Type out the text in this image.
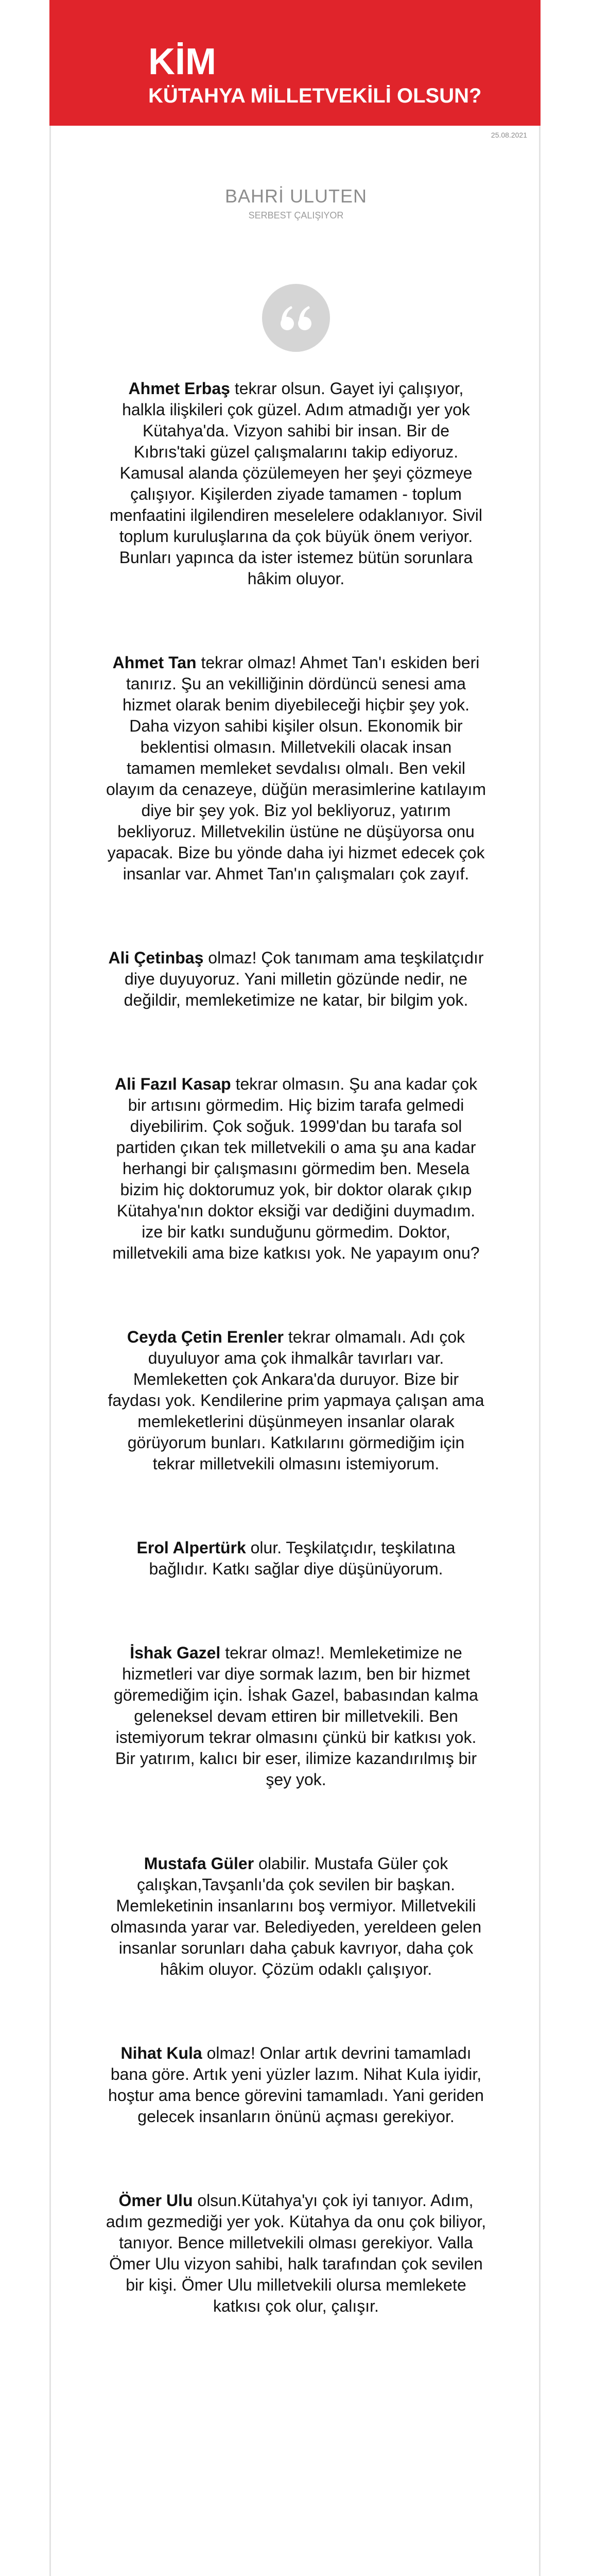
KİM
KÜTAHYA MİLLETVEKİLİ OLSUN?
25.08.2021
BAHRİ ULUTEN
SERBEST ÇALIŞIYOR

Ahmet Erbaş tekrar olsun. Gayet iyi çalışıyor, halkla ilişkileri çok güzel. Adım atmadığı yer yok Kütahya'da. Vizyon sahibi bir insan. Bir de Kıbrıs'taki güzel çalışmalarını takip ediyoruz. Kamusal alanda çözülemeyen her şeyi çözmeye çalışıyor. Kişilerden ziyade tamamen - toplum menfaatini ilgilendiren meselelere odaklanıyor. Sivil toplum kuruluşlarına da çok büyük önem veriyor. Bunları yapınca da ister istemez bütün sorunlara hâkim oluyor.

Ahmet Tan tekrar olmaz! Ahmet Tan'ı eskiden beri tanırız. Şu an vekilliğinin dördüncü senesi ama hizmet olarak benim diyebileceği hiçbir şey yok. Daha vizyon sahibi kişiler olsun. Ekonomik bir beklentisi olmasın. Milletvekili olacak insan tamamen memleket sevdalısı olmalı. Ben vekil olayım da cenazeye, düğün merasimlerine katılayım diye bir şey yok. Biz yol bekliyoruz, yatırım bekliyoruz. Milletvekilin üstüne ne düşüyorsa onu yapacak. Bize bu yönde daha iyi hizmet edecek çok insanlar var. Ahmet Tan'ın çalışmaları çok zayıf.

Ali Çetinbaş olmaz! Çok tanımam ama teşkilatçıdır diye duyuyoruz. Yani milletin gözünde nedir, ne değildir, memleketimize ne katar, bir bilgim yok.

Ali Fazıl Kasap tekrar olmasın. Şu ana kadar çok bir artısını görmedim. Hiç bizim tarafa gelmedi diyebilirim. Çok soğuk. 1999'dan bu tarafa sol partiden çıkan tek milletvekili o ama şu ana kadar herhangi bir çalışmasını görmedim ben. Mesela bizim hiç doktorumuz yok, bir doktor olarak çıkıp Kütahya'nın doktor eksiği var dediğini duymadım. ize bir katkı sunduğunu görmedim. Doktor, milletvekili ama bize katkısı yok. Ne yapayım onu?

Ceyda Çetin Erenler tekrar olmamalı. Adı çok duyuluyor ama çok ihmalkâr tavırları var. Memleketten çok Ankara'da duruyor. Bize bir faydası yok. Kendilerine prim yapmaya çalışan ama memleketlerini düşünmeyen insanlar olarak görüyorum bunları. Katkılarını görmediğim için tekrar milletvekili olmasını istemiyorum.

Erol Alpertürk olur. Teşkilatçıdır, teşkilatına bağlıdır. Katkı sağlar diye düşünüyorum.

İshak Gazel tekrar olmaz!. Memleketimize ne hizmetleri var diye sormak lazım, ben bir hizmet göremediğim için. İshak Gazel, babasından kalma geleneksel devam ettiren bir milletvekili. Ben istemiyorum tekrar olmasını çünkü bir katkısı yok. Bir yatırım, kalıcı bir eser, ilimize kazandırılmış bir şey yok.

Mustafa Güler olabilir. Mustafa Güler çok çalışkan,Tavşanlı'da çok sevilen bir başkan. Memleketinin insanlarını boş vermiyor. Milletvekili olmasında yarar var. Belediyeden, yereldeen gelen insanlar sorunları daha çabuk kavrıyor, daha çok hâkim oluyor. Çözüm odaklı çalışıyor.

Nihat Kula olmaz! Onlar artık devrini tamamladı bana göre. Artık yeni yüzler lazım. Nihat Kula iyidir, hoştur ama bence görevini tamamladı. Yani geriden gelecek insanların önünü açması gerekiyor.

Ömer Ulu olsun.Kütahya'yı çok iyi tanıyor. Adım, adım gezmediği yer yok. Kütahya da onu çok biliyor, tanıyor. Bence milletvekili olması gerekiyor. Valla Ömer Ulu vizyon sahibi, halk tarafından çok sevilen bir kişi. Ömer Ulu milletvekili olursa memlekete katkısı çok olur, çalışır.
